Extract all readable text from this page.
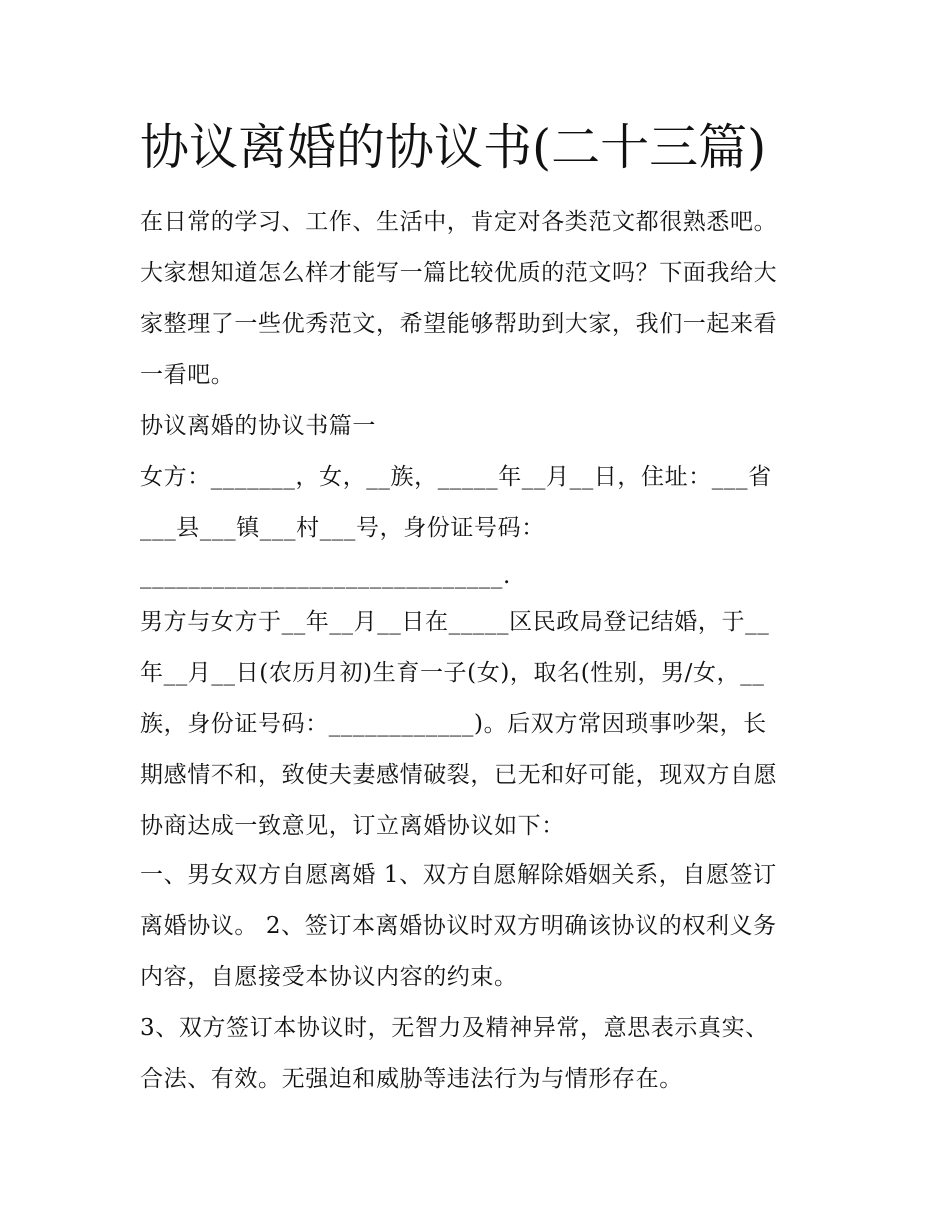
协议离婚的协议书(二十三篇)

在日常的学习、工作、生活中，肯定对各类范文都很熟悉吧。

大家想知道怎么样才能写一篇比较优质的范文吗？下面我给大

家整理了一些优秀范文，希望能够帮助到大家，我们一起来看

一看吧。

协议离婚的协议书篇一

女方：_______，女，__族，_____年__月__日，住址：___省

___县___镇___村___号，身份证号码：

______________________________.

男方与女方于__年__月__日在_____区民政局登记结婚，于__

年__月__日(农历月初)生育一子(女)，取名(性别，男/女，__

族，身份证号码：____________)。后双方常因琐事吵架，长

期感情不和，致使夫妻感情破裂，已无和好可能，现双方自愿

协商达成一致意见，订立离婚协议如下：

一、男女双方自愿离婚 1、双方自愿解除婚姻关系，自愿签订

离婚协议。 2、签订本离婚协议时双方明确该协议的权利义务

内容，自愿接受本协议内容的约束。

3、双方签订本协议时，无智力及精神异常，意思表示真实、

合法、有效。无强迫和威胁等违法行为与情形存在。
